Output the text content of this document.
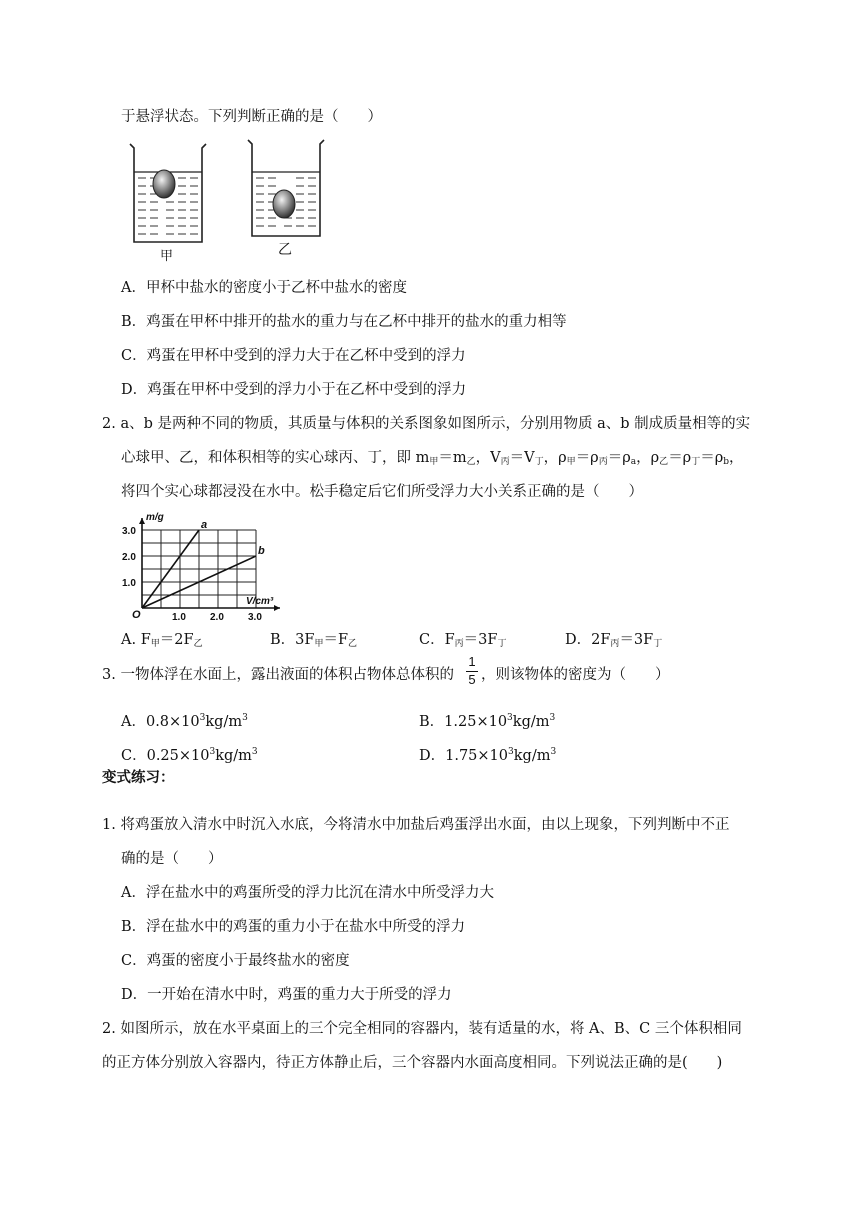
于悬浮状态。下列判断正确的是（　　）
甲	乙
A．甲杯中盐水的密度小于乙杯中盐水的密度
B．鸡蛋在甲杯中排开的盐水的重力与在乙杯中排开的盐水的重力相等
C．鸡蛋在甲杯中受到的浮力大于在乙杯中受到的浮力
D．鸡蛋在甲杯中受到的浮力小于在乙杯中受到的浮力
2. a、b 是两种不同的物质，其质量与体积的关系图象如图所示，分别用物质 a、b 制成质量相等的实
心球甲、乙，和体积相等的实心球丙、丁，即 $m_甲=m_乙$，$V_丙=V_丁$，$\rho_甲=\rho_丙=\rho_a$，$\rho_乙=\rho_丁=\rho_b$，
将四个实心球都浸没在水中。松手稳定后它们所受浮力大小关系正确的是（　　）
a
b
1.0
2.0
3.0
1.0 2.0 3.0
O
m/g
V/cm³
A. $F_甲=2F_乙$	B．$3F_甲=F_乙$	C．$F_丙=3F_丁$	D．$2F_丙=3F_丁$
3. 一物体浮在水面上，露出液面的体积占物体总体积的
1
5 ，则该物体的密度为（　　）
A．$0.8\times 10^3kg/m^3$	B．$1.25\times 10^3kg/m^3$
C．$0.25\times 10^3kg/m^3$	D．$1.75\times 10^3kg/m^3$
变式练习：
1. 将鸡蛋放入清水中时沉入水底，今将清水中加盐后鸡蛋浮出水面，由以上现象，下列判断中不正
确的是（　　）
A．浮在盐水中的鸡蛋所受的浮力比沉在清水中所受浮力大
B．浮在盐水中的鸡蛋的重力小于在盐水中所受的浮力
C．鸡蛋的密度小于最终盐水的密度
D．一开始在清水中时，鸡蛋的重力大于所受的浮力
2. 如图所示，放在水平桌面上的三个完全相同的容器内，装有适量的水，将 A、B、C 三个体积相同
的正方体分别放入容器内，待正方体静止后，三个容器内水面高度相同。下列说法正确的是(　　)
